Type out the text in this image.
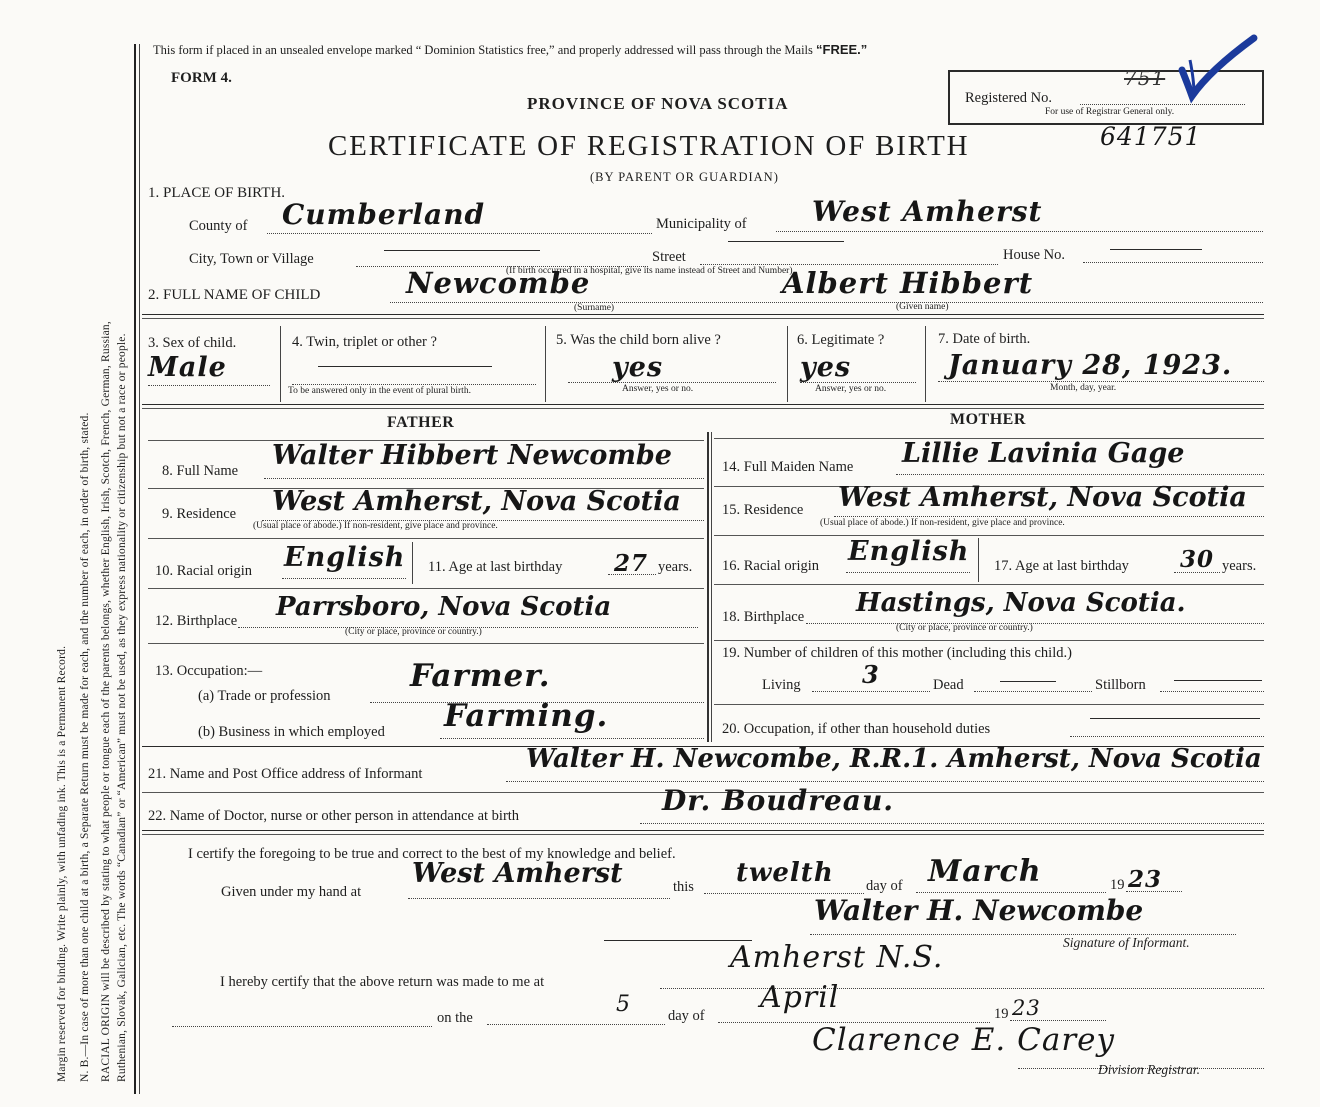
Margin reserved for binding. Write plainly, with unfading ink. This is a Permanent Record. N. B.—In case of more than one child at a birth, a Separate Return must be made for each, and the number of each, in order of birth, stated. RACIAL ORIGIN will be described by stating to what people or tongue each of the parents belongs, whether English, Irish, Scotch, French, German, Russian, Ruthenian, Slovak, Galician, etc. The words “Canadian” or “American” must not be used, as they express nationality or citizenship but not a race or people.
This form if placed in an unsealed envelope marked “ Dominion Statistics free,” and properly addressed will pass through the Mails “FREE.”
FORM 4.
PROVINCE OF NOVA SCOTIA
CERTIFICATE OF REGISTRATION OF BIRTH	641751
(BY PARENT OR GUARDIAN)
Registered No.
751
For use of Registrar General only.
1. PLACE OF BIRTH.
County of Cumberland	Municipality of West Amherst
City, Town or Village	Street	House No.
(If birth occurred in a hospital, give its name instead of Street and Number)
2. FULL NAME OF CHILD	Newcombe	Albert Hibbert
(Surname)	(Given name)
3. Sex of child.
Male
4. Twin, triplet or other ?
To be answered only in the event of plural birth.
5. Was the child born alive ?
yes
Answer, yes or no.
6. Legitimate ?
yes
Answer, yes or no.
7. Date of birth.
January 28, 1923.
Month, day, year.
FATHER	MOTHER
8. Full Name Walter Hibbert Newcombe
9. Residence West Amherst, Nova Scotia
(Usual place of abode.) If non-resident, give place and province.
10. Racial origin English 11. Age at last birthday 27 years.
12. Birthplace Parrsboro, Nova Scotia
(City or place, province or country.)
13. Occupation:—
(a) Trade or profession
Farmer.
(b) Business in which employed Farming.
14. Full Maiden Name Lillie Lavinia Gage
15. Residence West Amherst, Nova Scotia
(Usual place of abode.) If non-resident, give place and province.
16. Racial origin English 17. Age at last birthday 30 years.
18. Birthplace Hastings, Nova Scotia.
(City or place, province or country.)
19. Number of children of this mother (including this child.)
Living	3	Dead	Stillborn
20. Occupation, if other than household duties
21. Name and Post Office address of Informant	Walter H. Newcombe, R.R.1. Amherst, Nova Scotia
22. Name of Doctor, nurse or other person in attendance at birth	Dr. Boudreau.
I certify the foregoing to be true and correct to the best of my knowledge and belief.
Given under my hand at
West Amherst	this twelth day of March	19 23
Walter H. Newcombe
Signature of Informant.
I hereby certify that the above return was made to me at
Amherst N.S.
on the
5	day of
April	19 23
Clarence E. Carey
Division Registrar.
